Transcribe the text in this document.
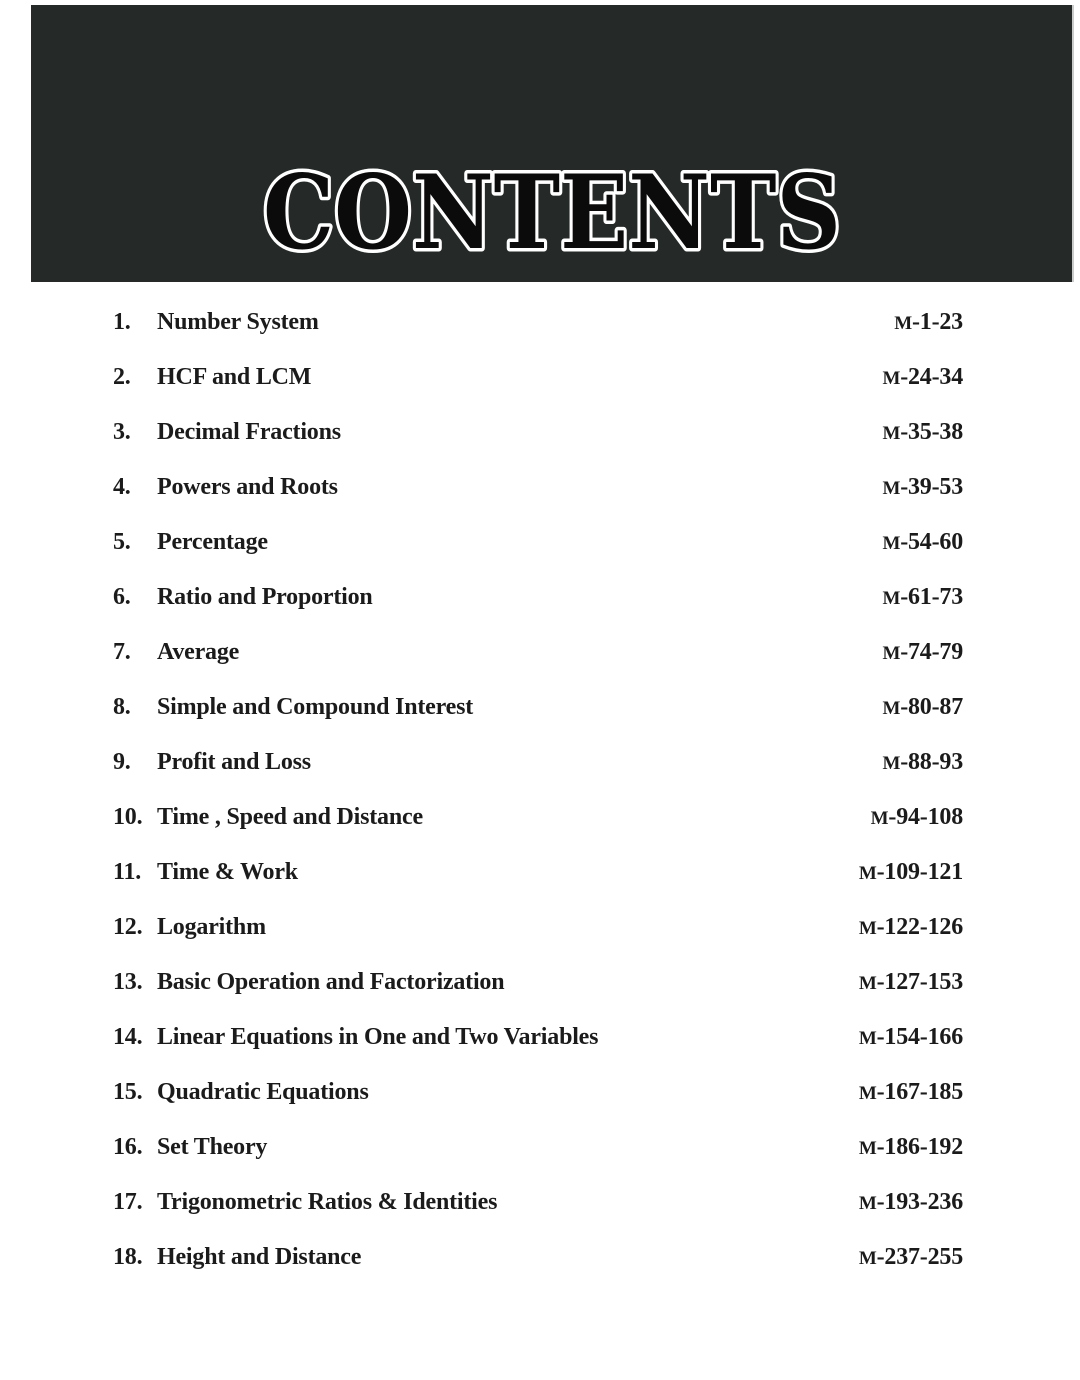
CONTENTS
1.	Number System	M-1-23
2.	HCF and LCM	M-24-34
3.	Decimal Fractions	M-35-38
4.	Powers and Roots	M-39-53
5.	Percentage	M-54-60
6.	Ratio and Proportion	M-61-73
7.	Average	M-74-79
8.	Simple and Compound Interest	M-80-87
9.	Profit and Loss	M-88-93
10. Time , Speed and Distance	M-94-108
11. Time & Work	M-109-121
12. Logarithm	M-122-126
13. Basic Operation and Factorization	M-127-153
14. Linear Equations in One and Two Variables	M-154-166
15. Quadratic Equations	M-167-185
16. Set Theory	M-186-192
17. Trigonometric Ratios & Identities	M-193-236
18. Height and Distance	M-237-255
